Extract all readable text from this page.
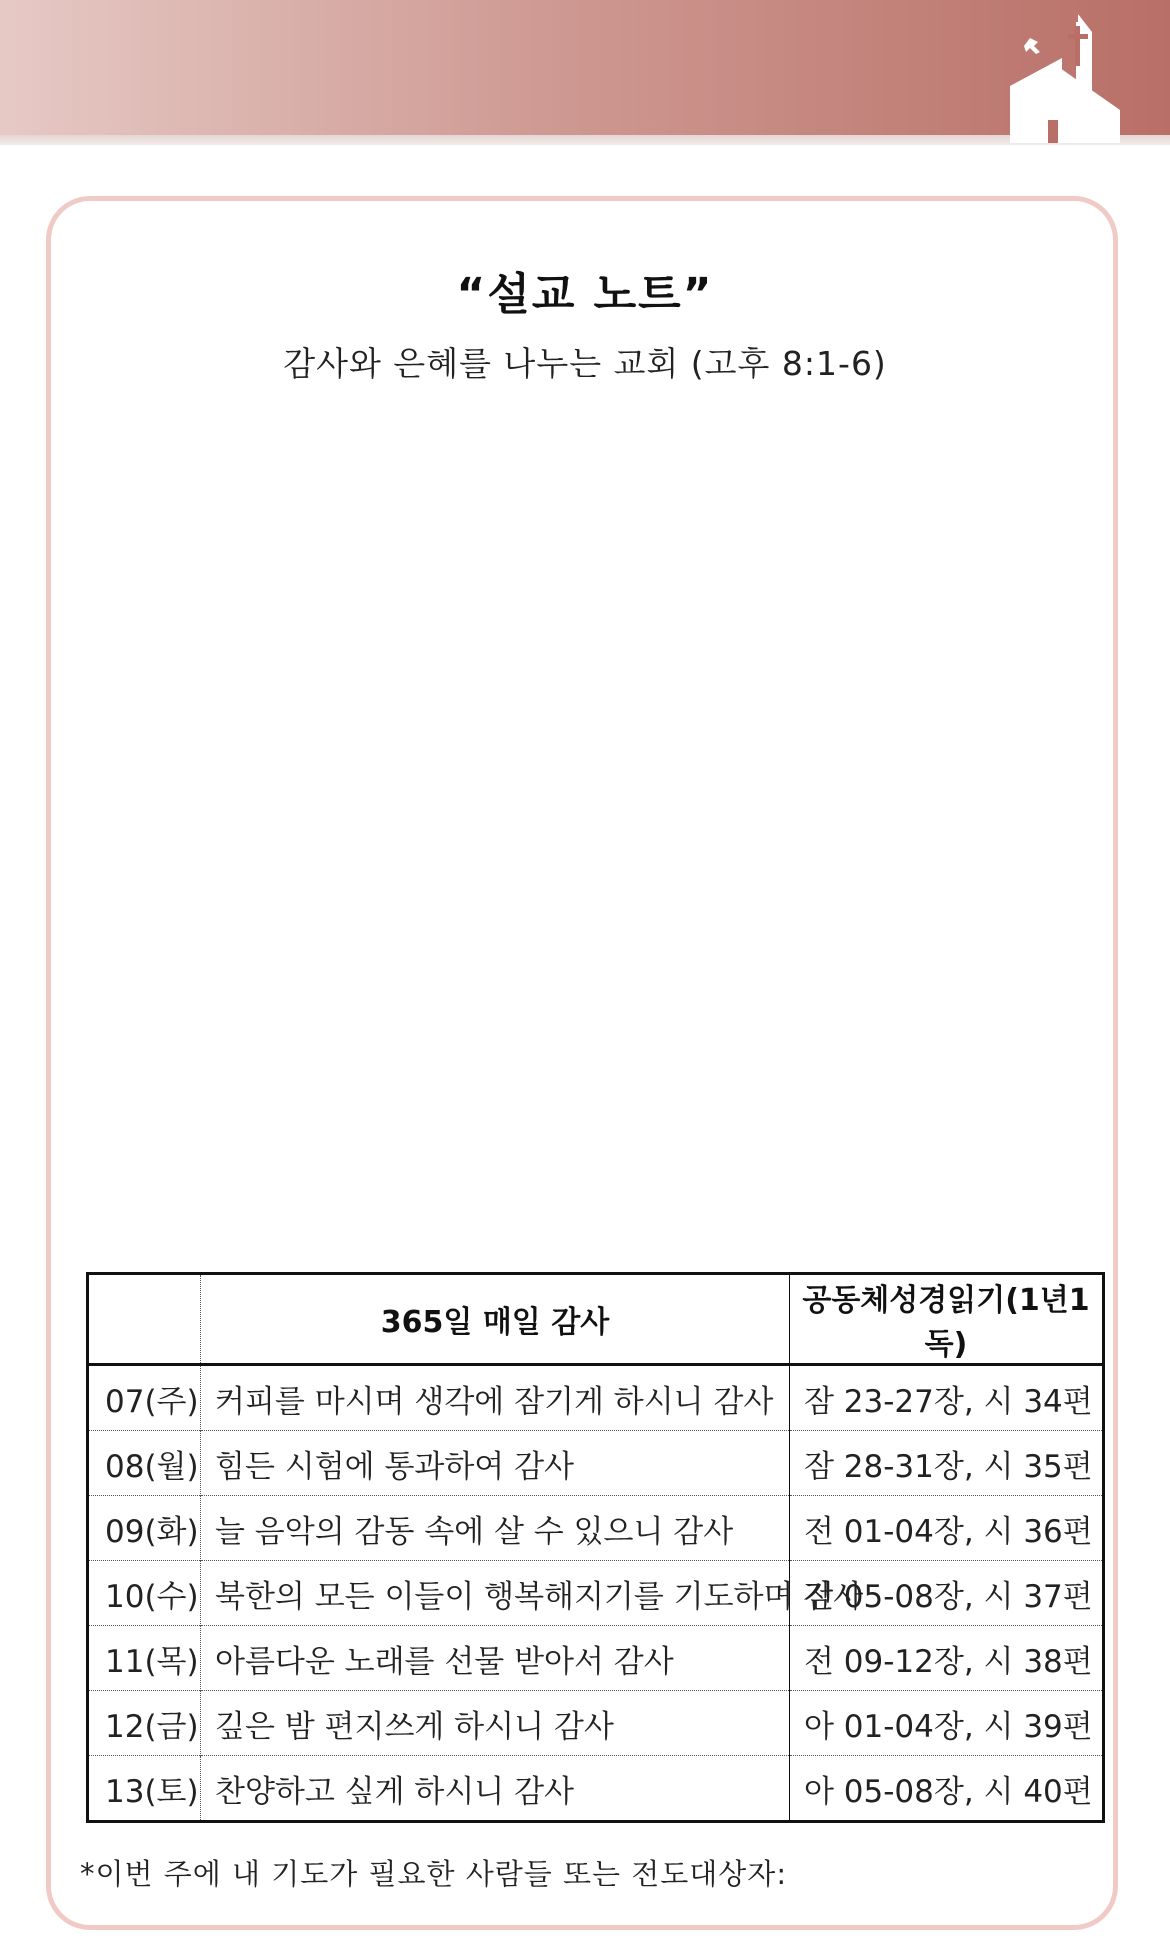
“설교 노트”
감사와 은혜를 나누는 교회 (고후 8:1-6)
	365일 매일 감사	공동체성경읽기(1년1독)
07(주)	커피를 마시며 생각에 잠기게 하시니 감사	잠 23-27장, 시 34편
08(월)	힘든 시험에 통과하여 감사	잠 28-31장, 시 35편
09(화)	늘 음악의 감동 속에 살 수 있으니 감사	전 01-04장, 시 36편
10(수)	북한의 모든 이들이 행복해지기를 기도하며 감사	전 05-08장, 시 37편
11(목)	아름다운 노래를 선물 받아서 감사	전 09-12장, 시 38편
12(금)	깊은 밤 편지쓰게 하시니 감사	아 01-04장, 시 39편
13(토)	찬양하고 싶게 하시니 감사	아 05-08장, 시 40편
*이번 주에 내 기도가 필요한 사람들 또는 전도대상자:
